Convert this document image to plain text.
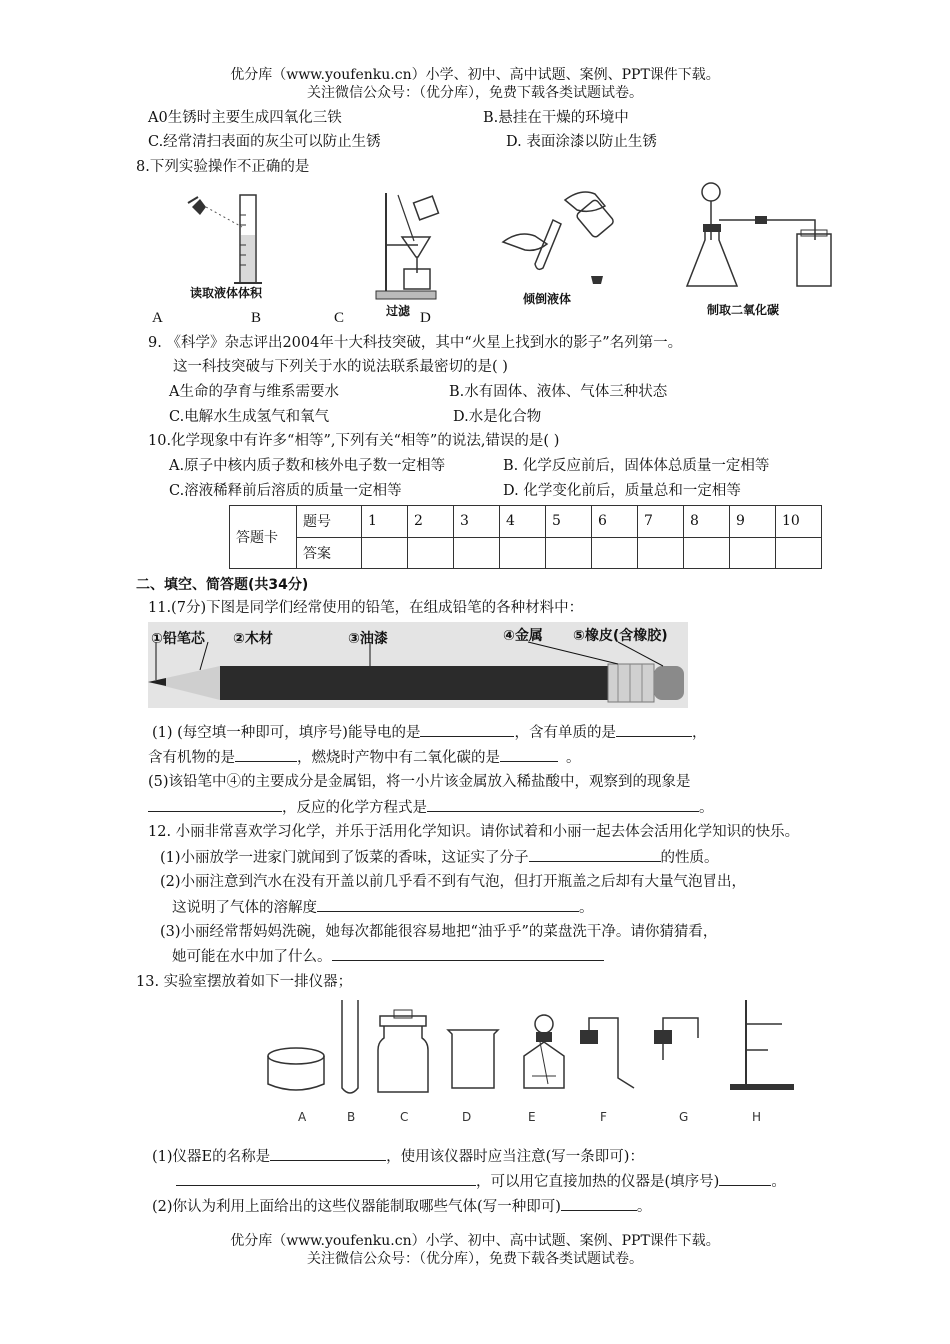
优分库（www.youfenku.cn）小学、初中、高中试题、案例、PPT课件下载。
关注微信公众号：（优分库），免费下载各类试题试卷。
A0生锈时主要生成四氧化三铁	B.悬挂在干燥的环境中
C.经常清扫表面的灰尘可以防止生锈	D. 表面涂漆以防止生锈
8.下列实验操作不正确的是
读取液体体积
过滤
倾倒液体
制取二氧化碳
A	B	C	D
9. 《科学》杂志评出2004年十大科技突破，其中“火星上找到水的影子”名列第一。
这一科技突破与下列关于水的说法联系最密切的是( )
A生命的孕育与维系需要水	B.水有固体、液体、气体三种状态
C.电解水生成氢气和氧气	D.水是化合物
10.化学现象中有许多“相等”,下列有关“相等”的说法,错误的是( )
A.原子中核内质子数和核外电子数一定相等	B. 化学反应前后，固体体总质量一定相等
C.溶液稀释前后溶质的质量一定相等	D. 化学变化前后，质量总和一定相等
答题卡	题号	1	2	3	4	5	6	7	8	9	10
	答案										
二、填空、简答题(共34分)
11.(7分)下图是同学们经常使用的铅笔，在组成铅笔的各种材料中：
①铅笔芯 ②木材	③油漆	④金属 ⑤橡皮(含橡胶)
(1) (每空填一种即可，填序号)能导电的是	，含有单质的是	，
含有机物的是	，燃烧时产物中有二氧化碳的是	。
(5)该铅笔中④的主要成分是金属铝，将一小片该金属放入稀盐酸中，观察到的现象是
，反应的化学方程式是	。
12. 小丽非常喜欢学习化学，并乐于活用化学知识。请你试着和小丽一起去体会活用化学知识的快乐。
(1)小丽放学一进家门就闻到了饭菜的香味，这证实了分子	的性质。
(2)小丽注意到汽水在没有开盖以前几乎看不到有气泡，但打开瓶盖之后却有大量气泡冒出，
这说明了气体的溶解度	。
(3)小丽经常帮妈妈洗碗，她每次都能很容易地把“油乎乎”的菜盘洗干净。请你猜猜看，
她可能在水中加了什么。
13. 实验室摆放着如下一排仪器；
A	B	C	D	E	F	G	H
(1)仪器E的名称是	，使用该仪器时应当注意(写一条即可)：
，可以用它直接加热的仪器是(填序号)	。
(2)你认为利用上面给出的这些仪器能制取哪些气体(写一种即可)	。
优分库（www.youfenku.cn）小学、初中、高中试题、案例、PPT课件下载。
关注微信公众号：（优分库），免费下载各类试题试卷。
